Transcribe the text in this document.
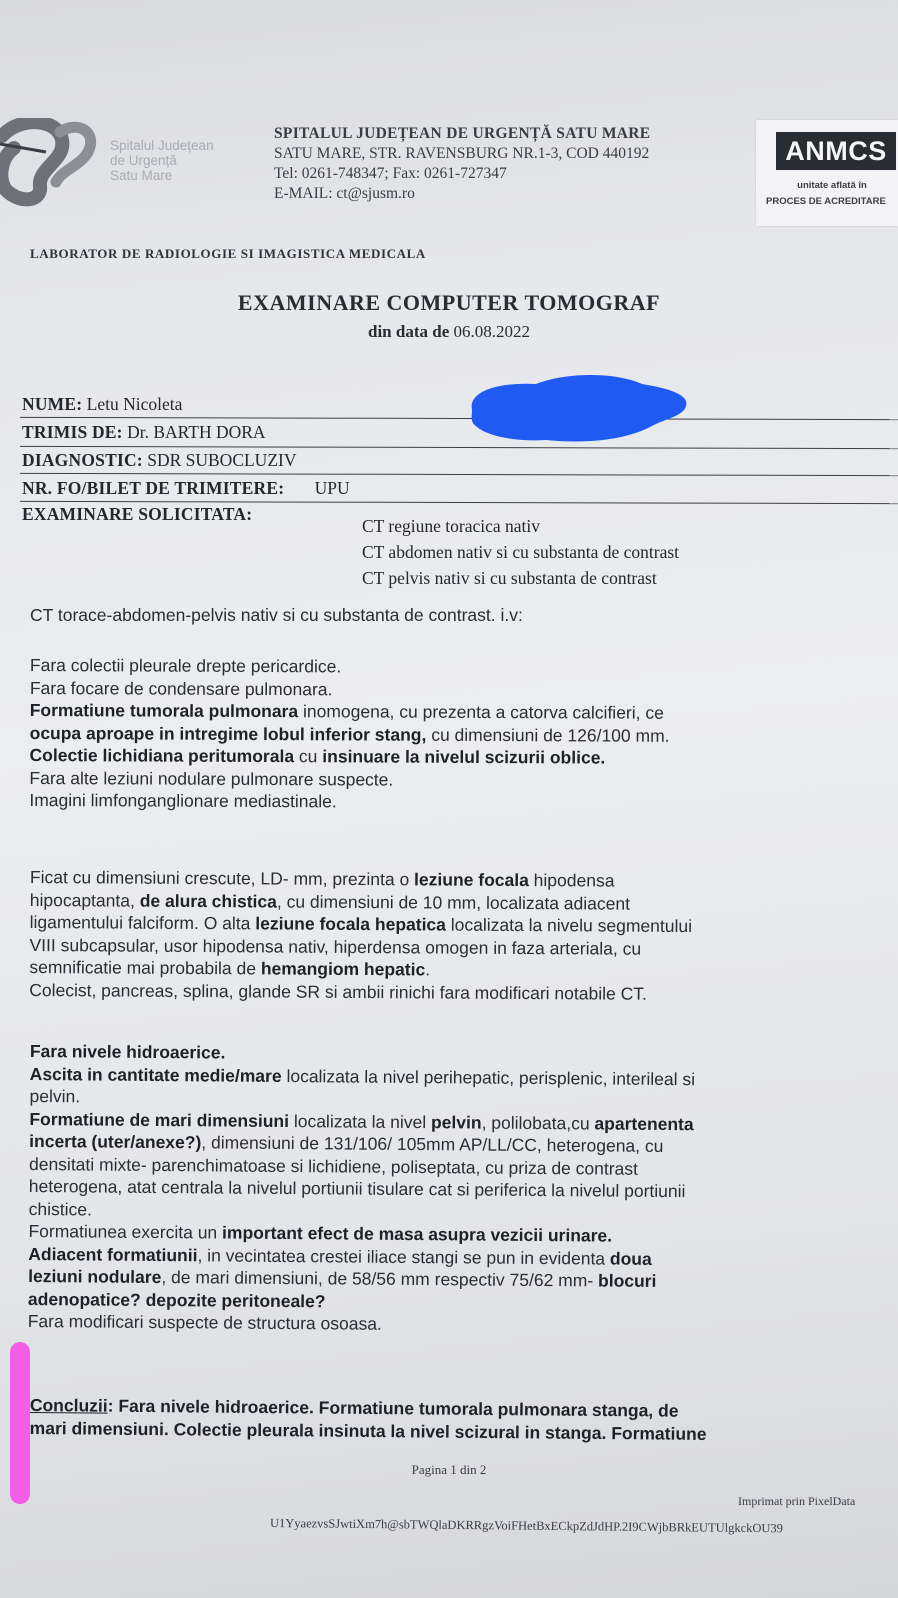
Spitalul Județean
de Urgență
Satu Mare
SPITALUL JUDEȚEAN DE URGENȚĂ SATU MARE
SATU MARE, STR. RAVENSBURG NR.1-3, COD 440192
Tel: 0261-748347; Fax: 0261-727347
E-MAIL: ct@sjusm.ro
ANMCS
unitate aflată în
PROCES DE ACREDITARE
LABORATOR DE RADIOLOGIE SI IMAGISTICA MEDICALA
EXAMINARE COMPUTER TOMOGRAF
din data de 06.08.2022
NUME: Letu Nicoleta
TRIMIS DE: Dr. BARTH DORA
DIAGNOSTIC: SDR SUBOCLUZIV
NR. FO/BILET DE TRIMITERE: UPU
EXAMINARE SOLICITATA:
CT regiune toracica nativ
CT abdomen nativ si cu substanta de contrast
CT pelvis nativ si cu substanta de contrast
CT torace-abdomen-pelvis nativ si cu substanta de contrast. i.v:
Fara colectii pleurale drepte pericardice.
Fara focare de condensare pulmonara.
Formatiune tumorala pulmonara inomogena, cu prezenta a catorva calcifieri, ce
ocupa aproape in intregime lobul inferior stang, cu dimensiuni de 126/100 mm.
Colectie lichidiana peritumorala cu insinuare la nivelul scizurii oblice.
Fara alte leziuni nodulare pulmonare suspecte.
Imagini limfonganglionare mediastinale.
Ficat cu dimensiuni crescute, LD- mm, prezinta o leziune focala hipodensa
hipocaptanta, de alura chistica, cu dimensiuni de 10 mm, localizata adiacent
ligamentului falciform. O alta leziune focala hepatica localizata la nivelu segmentului
VIII subcapsular, usor hipodensa nativ, hiperdensa omogen in faza arteriala, cu
semnificatie mai probabila de hemangiom hepatic.
Colecist, pancreas, splina, glande SR si ambii rinichi fara modificari notabile CT.
Fara nivele hidroaerice.
Ascita in cantitate medie/mare localizata la nivel perihepatic, perisplenic, interileal si
pelvin.
Formatiune de mari dimensiuni localizata la nivel pelvin, polilobata,cu apartenenta
incerta (uter/anexe?), dimensiuni de 131/106/ 105mm AP/LL/CC, heterogena, cu
densitati mixte- parenchimatoase si lichidiene, poliseptata, cu priza de contrast
heterogena, atat centrala la nivelul portiunii tisulare cat si periferica la nivelul portiunii
chistice.
Formatiunea exercita un important efect de masa asupra vezicii urinare.
Adiacent formatiunii, in vecintatea crestei iliace stangi se pun in evidenta doua
leziuni nodulare, de mari dimensiuni, de 58/56 mm respectiv 75/62 mm- blocuri
adenopatice? depozite peritoneale?
Fara modificari suspecte de structura osoasa.
Concluzii: Fara nivele hidroaerice. Formatiune tumorala pulmonara stanga, de
mari dimensiuni. Colectie pleurala insinuta la nivel scizural in stanga. Formatiune
Pagina 1 din 2
Imprimat prin PixelData
U1YyaezvsSJwtiXm7h@sbTWQlaDKRRgzVoiFHetBxECkpZdJdHP.2I9CWjbBRkEUTUlgkckOU39
